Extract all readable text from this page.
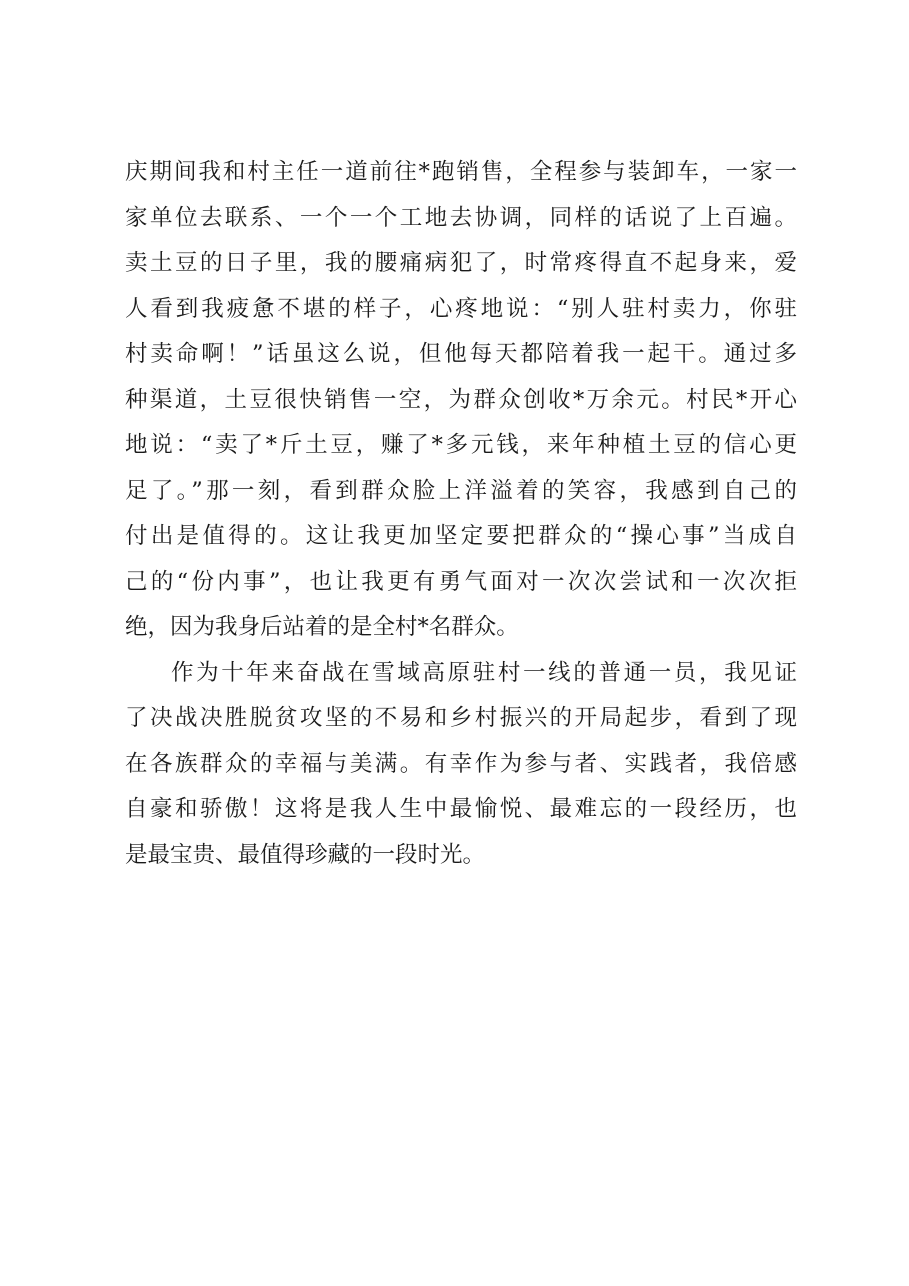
庆期间我和村主任一道前往*跑销售，全程参与装卸车，一家一
家单位去联系、一个一个工地去协调，同样的话说了上百遍。
卖土豆的日子里，我的腰痛病犯了，时常疼得直不起身来，爱
人看到我疲惫不堪的样子，心疼地说：“别人驻村卖力，你驻
村卖命啊！”话虽这么说，但他每天都陪着我一起干。通过多
种渠道，土豆很快销售一空，为群众创收*万余元。村民*开心
地说：“卖了*斤土豆，赚了*多元钱，来年种植土豆的信心更
足了。”那一刻，看到群众脸上洋溢着的笑容，我感到自己的
付出是值得的。这让我更加坚定要把群众的“操心事”当成自
己的“份内事”，也让我更有勇气面对一次次尝试和一次次拒
绝，因为我身后站着的是全村*名群众。
作为十年来奋战在雪域高原驻村一线的普通一员，我见证
了决战决胜脱贫攻坚的不易和乡村振兴的开局起步，看到了现
在各族群众的幸福与美满。有幸作为参与者、实践者，我倍感
自豪和骄傲！这将是我人生中最愉悦、最难忘的一段经历，也
是最宝贵、最值得珍藏的一段时光。
